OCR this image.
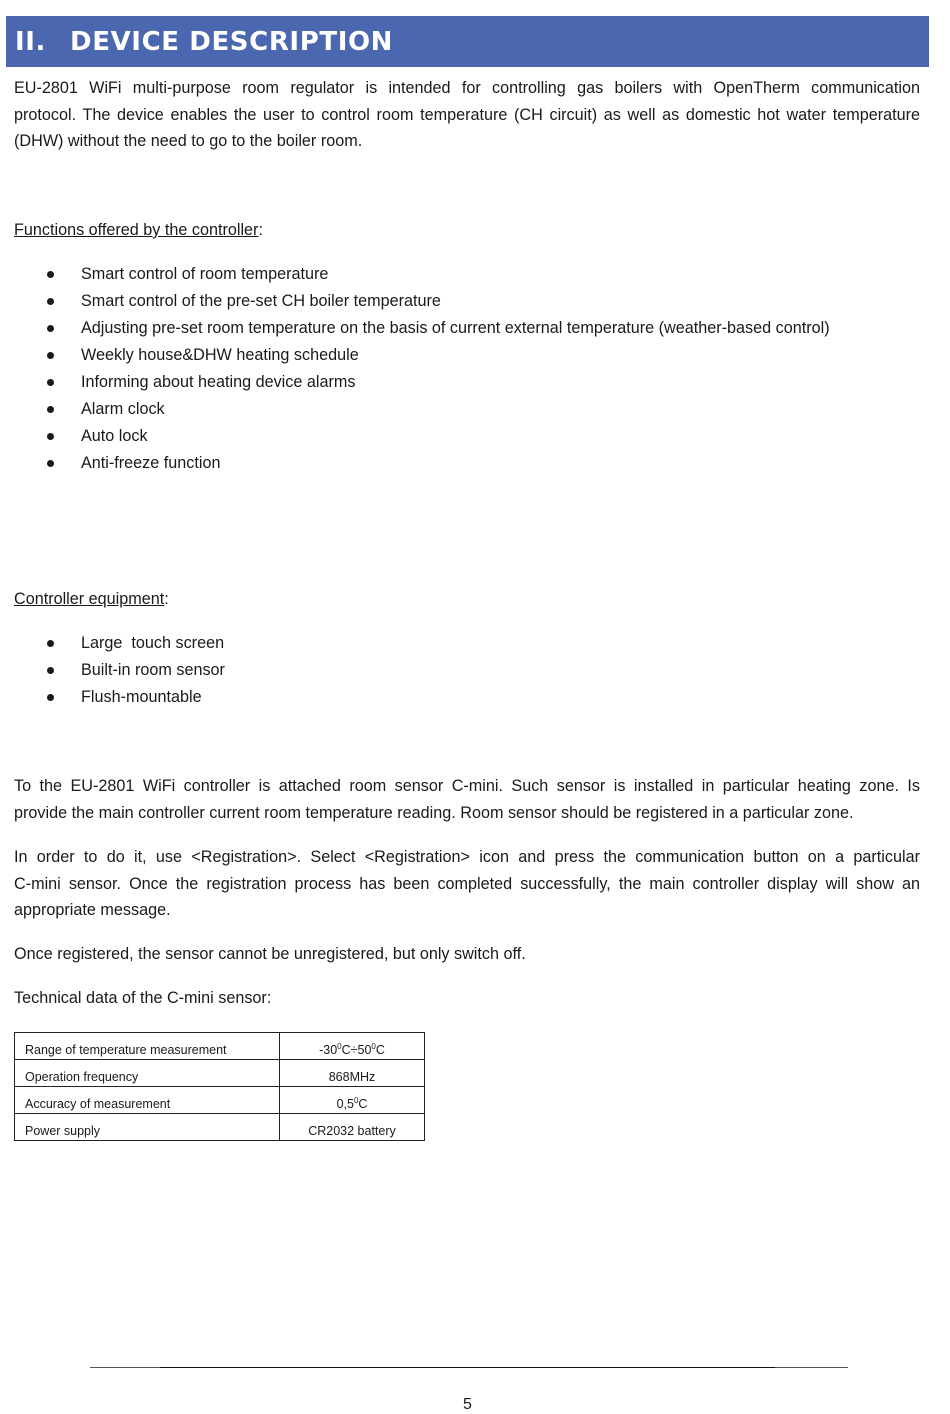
II. DEVICE DESCRIPTION
EU-2801 WiFi multi-purpose room regulator is intended for controlling gas boilers with OpenTherm communication
protocol. The device enables the user to control room temperature (CH circuit) as well as domestic hot water temperature
(DHW) without the need to go to the boiler room.

Functions offered by the controller:

Smart control of room temperature
Smart control of the pre-set CH boiler temperature
Adjusting pre-set room temperature on the basis of current external temperature (weather-based control)
Weekly house&DHW heating schedule
Informing about heating device alarms
Alarm clock
Auto lock
Anti-freeze function

Controller equipment:

Large  touch screen
Built-in room sensor
Flush-mountable
To the EU-2801 WiFi controller is attached room sensor C-mini. Such sensor is installed in particular heating zone. Is
provide the main controller current room temperature reading. Room sensor should be registered in a particular zone.
In order to do it, use <Registration>. Select <Registration> icon and press the communication button on a particular
C-mini sensor. Once the registration process has been completed successfully, the main controller display will show an
appropriate message.
Once registered, the sensor cannot be unregistered, but only switch off.
Technical data of the C-mini sensor:
Range of temperature measurement	$-30^0C\div 50^0C$
Operation frequency	868MHz
Accuracy of measurement	$0,5^0C$
Power supply	CR2032 battery
5
